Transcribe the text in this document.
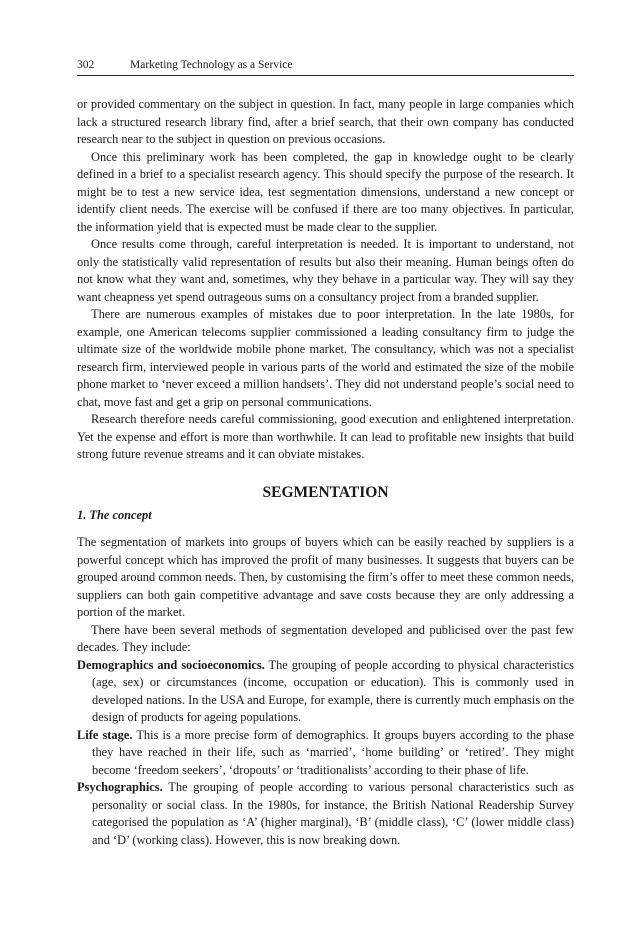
302	Marketing Technology as a Service

or provided commentary on the subject in question. In fact, many people in large companies which lack a structured research library find, after a brief search, that their own company has conducted research near to the subject in question on previous occasions.

Once this preliminary work has been completed, the gap in knowledge ought to be clearly defined in a brief to a specialist research agency. This should specify the purpose of the research. It might be to test a new service idea, test segmentation dimensions, understand a new concept or identify client needs. The exercise will be confused if there are too many objectives. In particular, the information yield that is expected must be made clear to the supplier.

Once results come through, careful interpretation is needed. It is important to understand, not only the statistically valid representation of results but also their meaning. Human beings often do not know what they want and, sometimes, why they behave in a particular way. They will say they want cheapness yet spend outrageous sums on a consultancy project from a branded supplier.

There are numerous examples of mistakes due to poor interpretation. In the late 1980s, for example, one American telecoms supplier commissioned a leading consultancy firm to judge the ultimate size of the worldwide mobile phone market. The consultancy, which was not a specialist research firm, interviewed people in various parts of the world and estimated the size of the mobile phone market to ‘never exceed a million handsets’. They did not understand people’s social need to chat, move fast and get a grip on personal communications.

Research therefore needs careful commissioning, good execution and enlightened interpretation. Yet the expense and effort is more than worthwhile. It can lead to profitable new insights that build strong future revenue streams and it can obviate mistakes.

SEGMENTATION
1. The concept

The segmentation of markets into groups of buyers which can be easily reached by suppliers is a powerful concept which has improved the profit of many businesses. It suggests that buyers can be grouped around common needs. Then, by customising the firm’s offer to meet these common needs, suppliers can both gain competitive advantage and save costs because they are only addressing a portion of the market.

There have been several methods of segmentation developed and publicised over the past few decades. They include:

Demographics and socioeconomics. The grouping of people according to physical characteristics (age, sex) or circumstances (income, occupation or education). This is commonly used in developed nations. In the USA and Europe, for example, there is currently much emphasis on the design of products for ageing populations.

Life stage. This is a more precise form of demographics. It groups buyers according to the phase they have reached in their life, such as ‘married’, ‘home building’ or ‘retired’. They might become ‘freedom seekers’, ‘dropouts’ or ‘traditionalists’ according to their phase of life.

Psychographics. The grouping of people according to various personal characteristics such as personality or social class. In the 1980s, for instance, the British National Readership Survey categorised the population as ‘A’ (higher marginal), ‘B’ (middle class), ‘C’ (lower middle class) and ‘D’ (working class). However, this is now breaking down.
